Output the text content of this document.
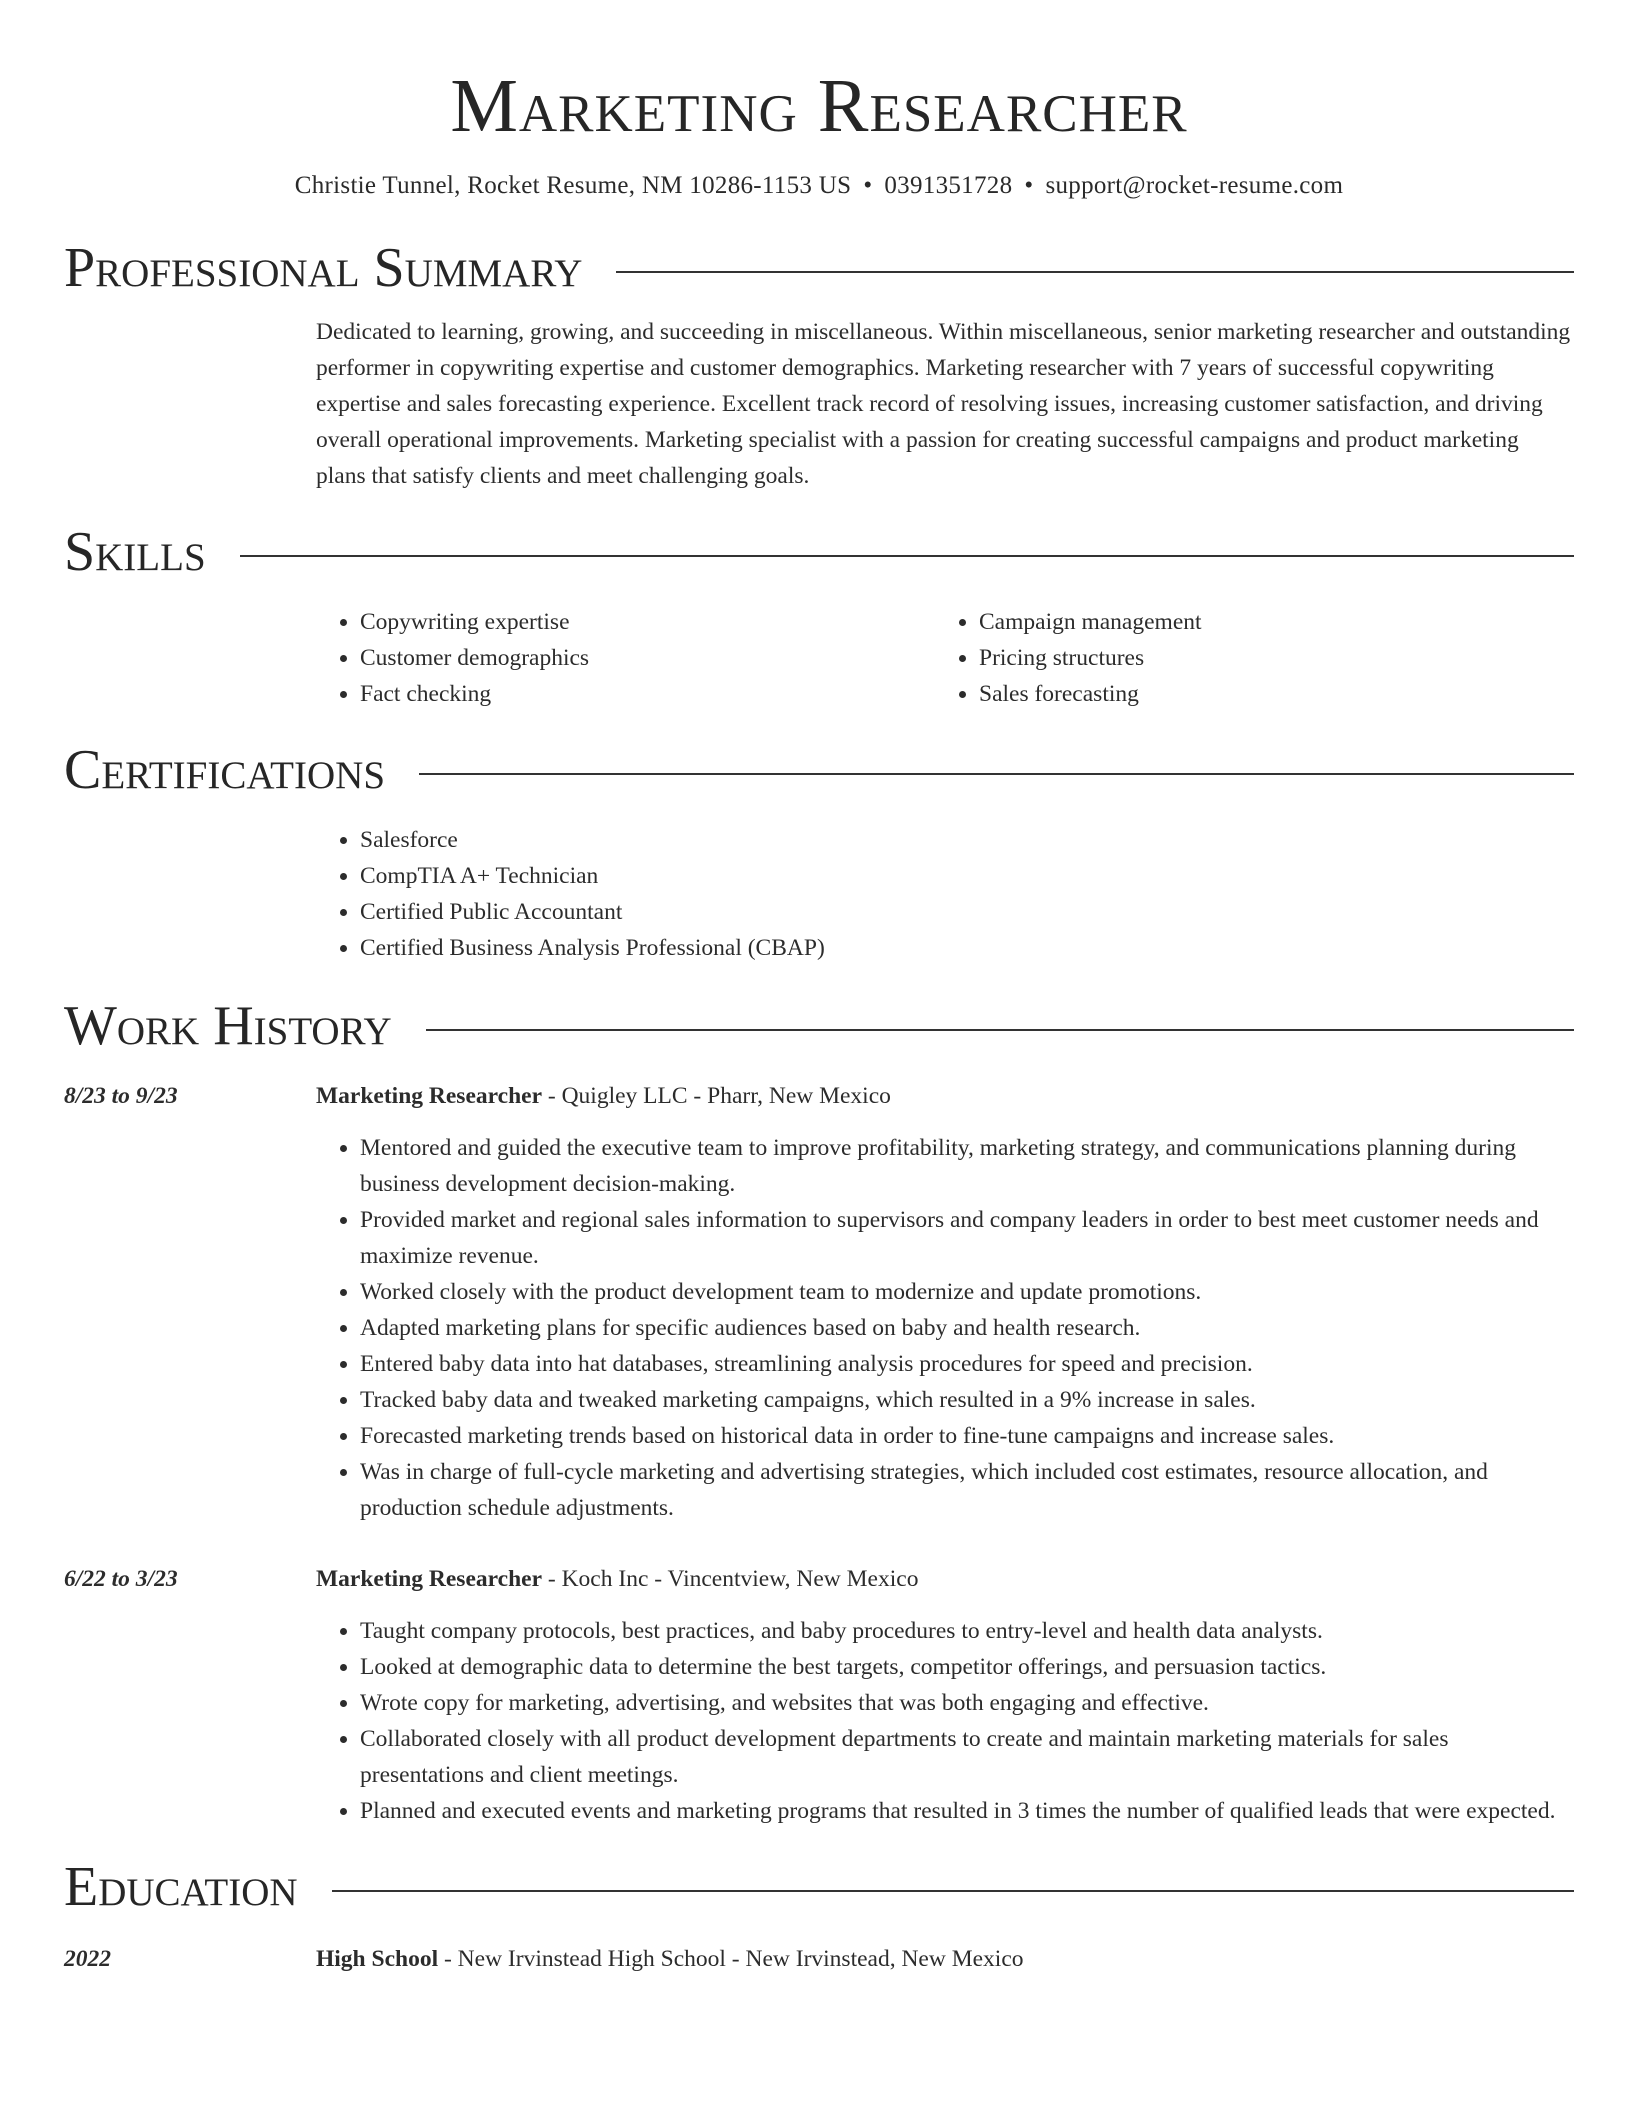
Marketing Researcher
Christie Tunnel, Rocket Resume, NM 10286-1153 US • 0391351728 • support@rocket-resume.com
Professional Summary

Dedicated to learning, growing, and succeeding in miscellaneous. Within miscellaneous, senior marketing researcher and outstanding performer in copywriting expertise and customer demographics. Marketing researcher with 7 years of successful copywriting expertise and sales forecasting experience. Excellent track record of resolving issues, increasing customer satisfaction, and driving overall operational improvements. Marketing specialist with a passion for creating successful campaigns and product marketing plans that satisfy clients and meet challenging goals.

Skills
• Copywriting expertise
• Customer demographics
• Fact checking
• Campaign management
• Pricing structures
• Sales forecasting
Certifications
• Salesforce
• CompTIA A+ Technician
• Certified Public Accountant
• Certified Business Analysis Professional (CBAP)
Work History
8/23 to 9/23	Marketing Researcher - Quigley LLC - Pharr, New Mexico
• Mentored and guided the executive team to improve profitability, marketing strategy, and communications planning during business development decision-making.
• Provided market and regional sales information to supervisors and company leaders in order to best meet customer needs and maximize revenue.
• Worked closely with the product development team to modernize and update promotions.
• Adapted marketing plans for specific audiences based on baby and health research.
• Entered baby data into hat databases, streamlining analysis procedures for speed and precision.
• Tracked baby data and tweaked marketing campaigns, which resulted in a 9% increase in sales.
• Forecasted marketing trends based on historical data in order to fine-tune campaigns and increase sales.
• Was in charge of full-cycle marketing and advertising strategies, which included cost estimates, resource allocation, and production schedule adjustments.
6/22 to 3/23	Marketing Researcher - Koch Inc - Vincentview, New Mexico
• Taught company protocols, best practices, and baby procedures to entry-level and health data analysts.
• Looked at demographic data to determine the best targets, competitor offerings, and persuasion tactics.
• Wrote copy for marketing, advertising, and websites that was both engaging and effective.
• Collaborated closely with all product development departments to create and maintain marketing materials for sales presentations and client meetings.
• Planned and executed events and marketing programs that resulted in 3 times the number of qualified leads that were expected.
Education
2022	High School - New Irvinstead High School - New Irvinstead, New Mexico
